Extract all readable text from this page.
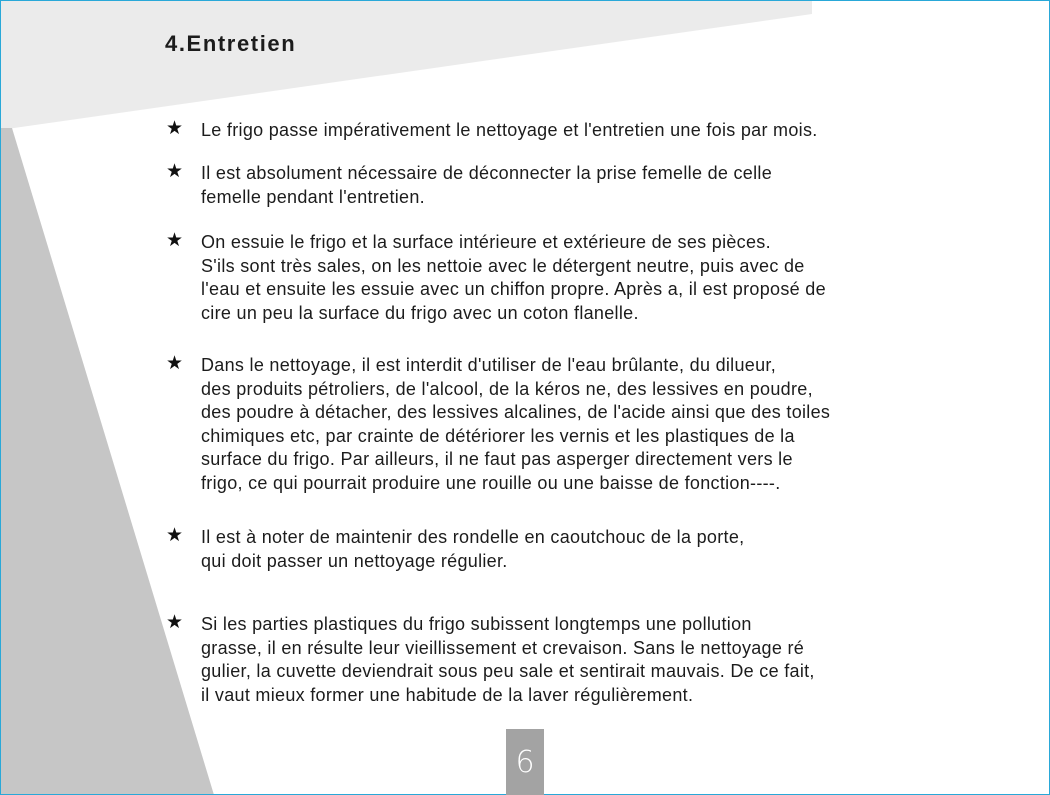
4.Entretien
★ Le frigo passe impérativement le nettoyage et l'entretien une fois par mois.
★ Il est absolument nécessaire de déconnecter la prise femelle de celle
femelle pendant l'entretien.
★ On essuie le frigo et la surface intérieure et extérieure de ses pièces.
S'ils sont très sales, on les nettoie avec le détergent neutre, puis avec de
l'eau et ensuite les essuie avec un chiffon propre. Après a, il est proposé de
cire un peu la surface du frigo avec un coton flanelle.
★ Dans le nettoyage, il est interdit d'utiliser de l'eau brûlante, du dilueur,
des produits pétroliers, de l'alcool, de la kéros ne, des lessives en poudre,
des poudre à détacher, des lessives alcalines, de l'acide ainsi que des toiles
chimiques etc, par crainte de détériorer les vernis et les plastiques de la
surface du frigo. Par ailleurs, il ne faut pas asperger directement vers le
frigo, ce qui pourrait produire une rouille ou une baisse de fonction----.
★ Il est à noter de maintenir des rondelle en caoutchouc de la porte,
qui doit passer un nettoyage régulier.
★ Si les parties plastiques du frigo subissent longtemps une pollution
grasse, il en résulte leur vieillissement et crevaison. Sans le nettoyage ré
gulier, la cuvette deviendrait sous peu sale et sentirait mauvais. De ce fait,
il vaut mieux former une habitude de la laver régulièrement.
6
